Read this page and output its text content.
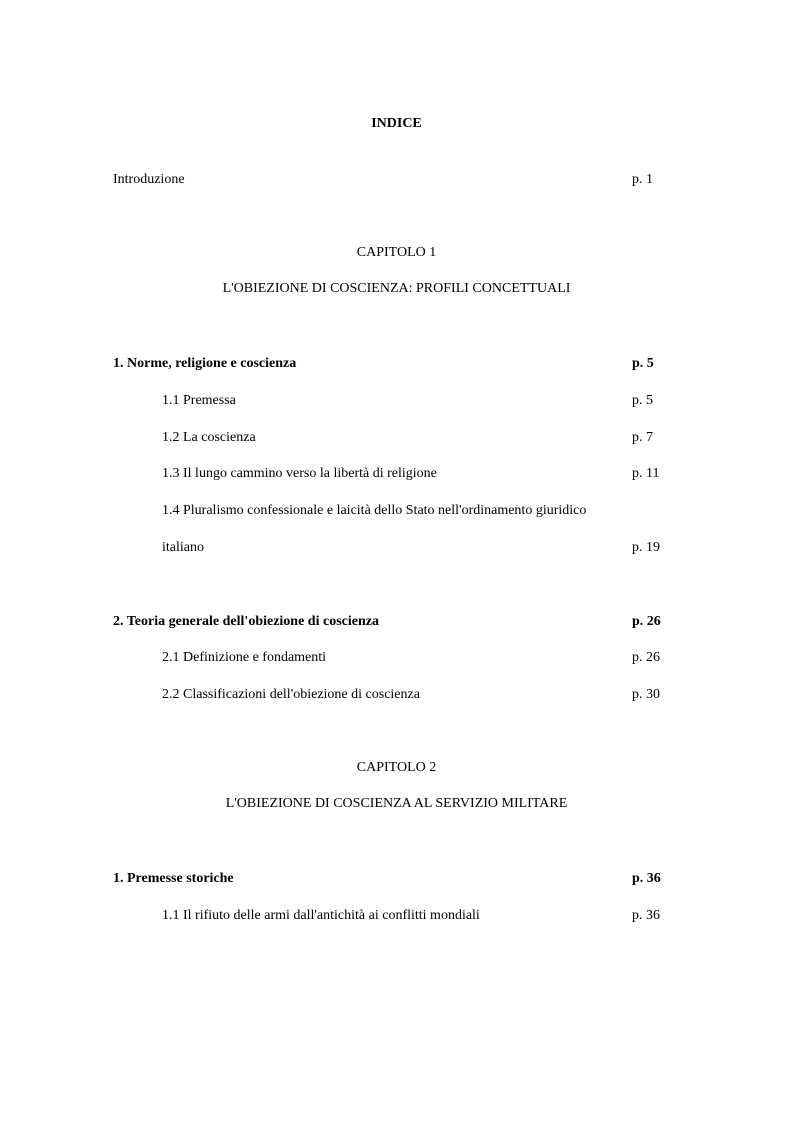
INDICE
Introduzione	p. 1
CAPITOLO 1
L'OBIEZIONE DI COSCIENZA: PROFILI CONCETTUALI
1. Norme, religione e coscienza	p. 5
1.1 Premessa	p. 5
1.2 La coscienza	p. 7
1.3 Il lungo cammino verso la libertà di religione	p. 11
1.4 Pluralismo confessionale e laicità dello Stato nell'ordinamento giuridico
italiano	p. 19
2. Teoria generale dell'obiezione di coscienza	p. 26
2.1 Definizione e fondamenti	p. 26
2.2 Classificazioni dell'obiezione di coscienza	p. 30
CAPITOLO 2
L'OBIEZIONE DI COSCIENZA AL SERVIZIO MILITARE
1. Premesse storiche	p. 36
1.1 Il rifiuto delle armi dall'antichità ai conflitti mondiali	p. 36
